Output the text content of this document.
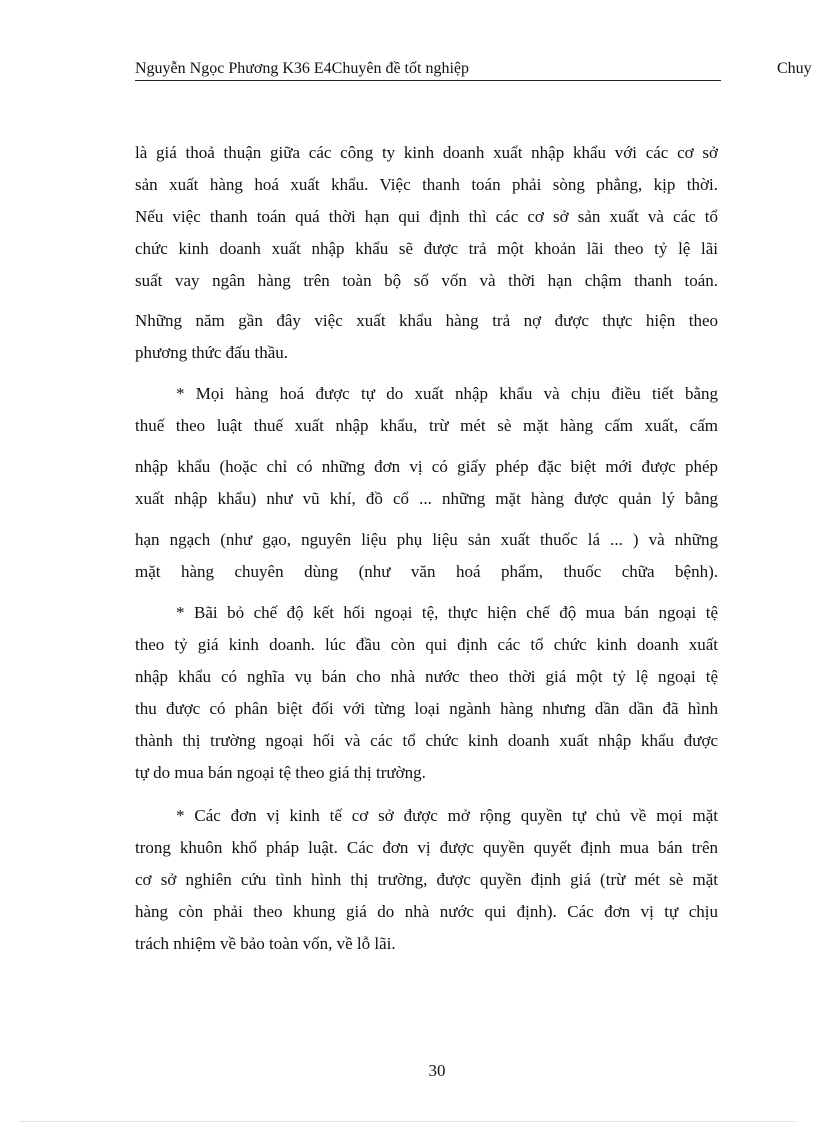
Nguyễn Ngọc Phương K36 E4Chuyên đề tốt nghiệp	Chuy
là giá thoả thuận giữa các công ty kinh doanh xuất nhập khẩu với các cơ sở
sản xuất hàng hoá xuất khẩu. Việc thanh toán phải sòng phẳng, kịp thời.
Nếu việc thanh toán quá thời hạn qui định thì các cơ sở sản xuất và các tổ
chức kinh doanh xuất nhập khẩu sẽ được trả một khoản lãi theo tỷ lệ lãi
suất vay ngân hàng trên toàn bộ số vốn và thời hạn chậm thanh toán.
Những năm gần đây việc xuất khẩu hàng trả nợ được thực hiện theo
phương thức đấu thầu.
* Mọi hàng hoá được tự do xuất nhập khẩu và chịu điều tiết bằng
thuế theo luật thuế xuất nhập khẩu, trừ mét sè mặt hàng cấm xuất, cấm
nhập khẩu (hoặc chỉ có những đơn vị có giấy phép đặc biệt mới được phép
xuất nhập khẩu) như vũ khí, đồ cổ ... những mặt hàng được quản lý bằng
hạn ngạch (như gạo, nguyên liệu phụ liệu sản xuất thuốc lá ... ) và những
mặt hàng chuyên dùng (như văn hoá phẩm, thuốc chữa bệnh).
* Bãi bỏ chế độ kết hối ngoại tệ, thực hiện chế độ mua bán ngoại tệ
theo tỷ giá kinh doanh. lúc đầu còn qui định các tổ chức kinh doanh xuất
nhập khẩu có nghĩa vụ bán cho nhà nước theo thời giá một tỷ lệ ngoại tệ
thu được có phân biệt đối với từng loại ngành hàng nhưng dần dần đã hình
thành thị trường ngoại hối và các tổ chức kinh doanh xuất nhập khẩu được
tự do mua bán ngoại tệ theo giá thị trường.
* Các đơn vị kinh tế cơ sở được mở rộng quyền tự chủ về mọi mặt
trong khuôn khổ pháp luật. Các đơn vị được quyền quyết định mua bán trên
cơ sở nghiên cứu tình hình thị trường, được quyền định giá (trừ mét sè mặt
hàng còn phải theo khung giá do nhà nước qui định). Các đơn vị tự chịu
trách nhiệm về bảo toàn vốn, về lỗ lãi.
30
